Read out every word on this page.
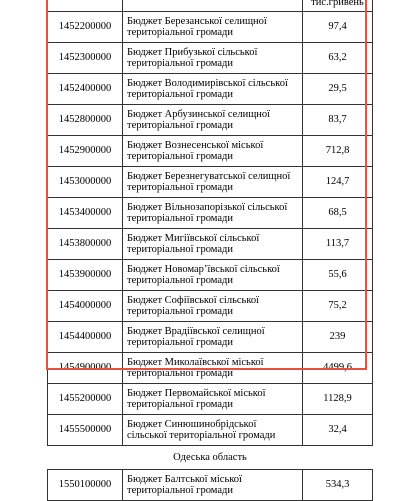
		тис.гривень
1452200000	Бюджет Березанської селищної територіальної громади	97,4
1452300000	Бюджет Прибузької сільської територіальної громади	63,2
1452400000	Бюджет Володимирівської сільської територіальної громади	29,5
1452800000	Бюджет Арбузинської селищної територіальної громади	83,7
1452900000	Бюджет Вознесенської міської територіальної громади	712,8
1453000000	Бюджет Березнегуватської селищної територіальної громади	124,7
1453400000	Бюджет Вільнозапорізької сільської територіальної громади	68,5
1453800000	Бюджет Мигіївської сільської територіальної громади	113,7
1453900000	Бюджет Новомар’ївської сільської територіальної громади	55,6
1454000000	Бюджет Софіївської сільської територіальної громади	75,2
1454400000	Бюджет Врадіївської селищної територіальної громади	239
1454900000	Бюджет Миколаївської міської територіальної громади	4499,6
1455200000	Бюджет Первомайської міської територіальної громади	1128,9
1455500000	Бюджет Синюшинобрідської сільської територіальної громади	32,4
Одеська область		
1550100000	Бюджет Балтської міської територіальної громади	534,3
